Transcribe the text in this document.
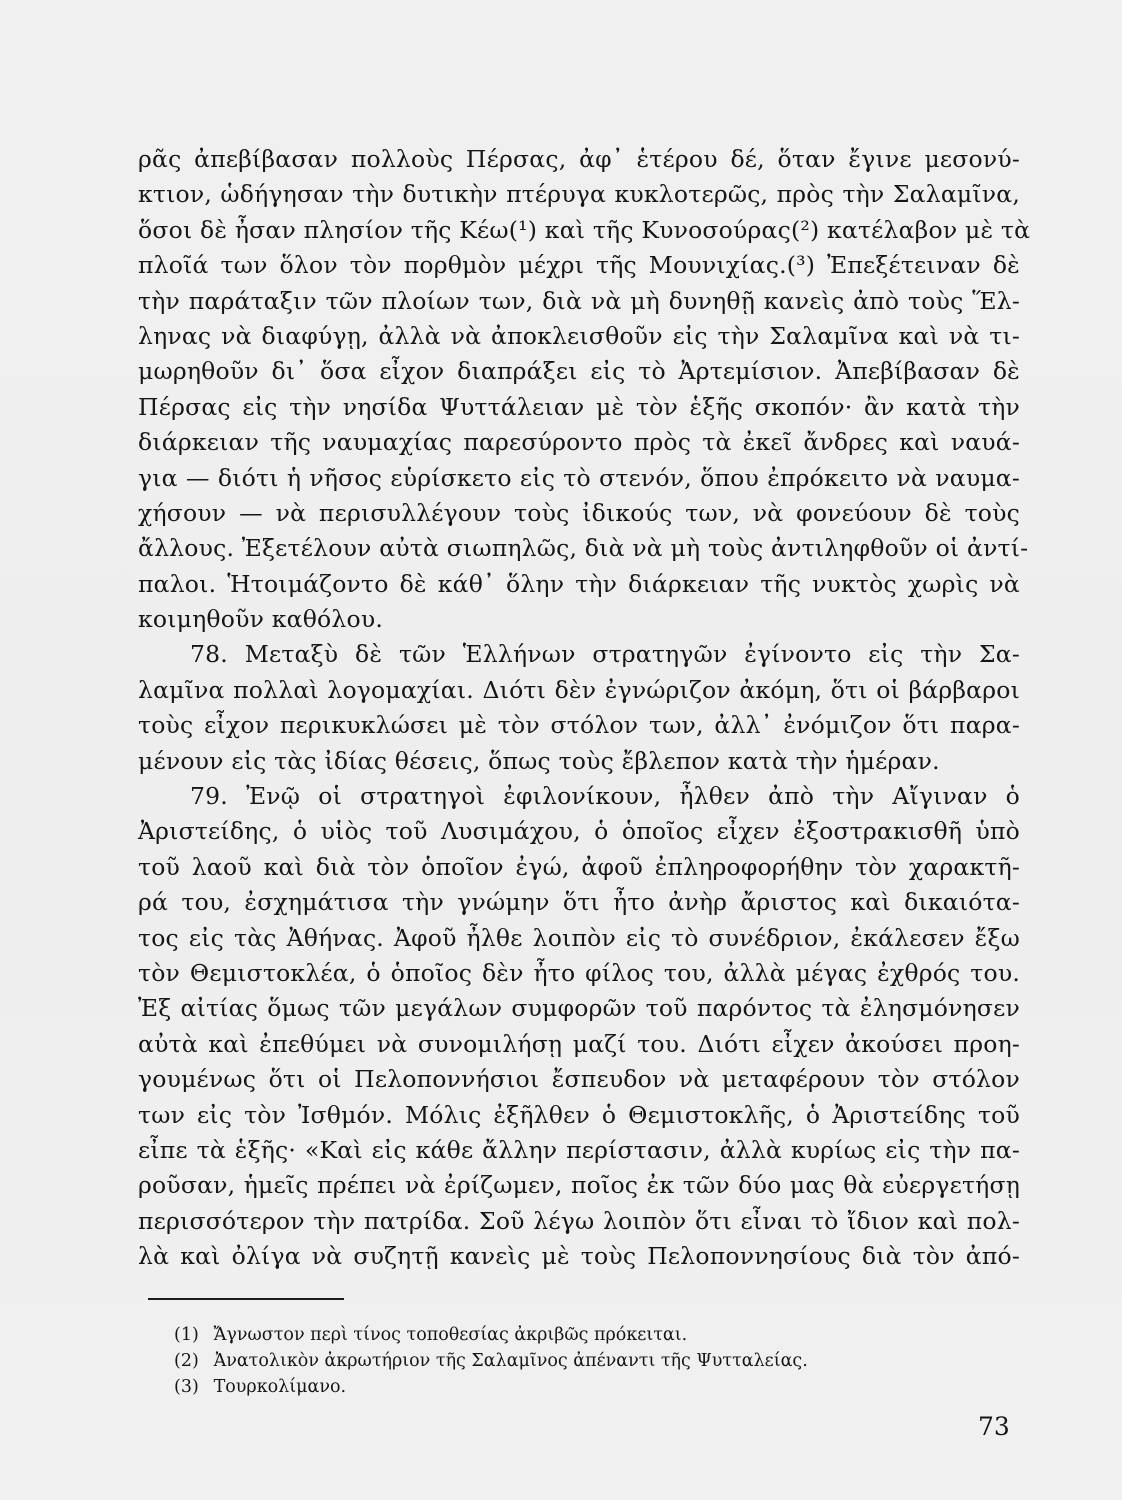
ρᾶς ἀπεβίβασαν πολλοὺς Πέρσας, ἀφ᾽ ἑτέρου δέ, ὅταν ἔγινε μεσονύ-
κτιον, ὡδήγησαν τὴν δυτικὴν πτέρυγα κυκλοτερῶς, πρὸς τὴν Σαλαμῖνα,
ὅσοι δὲ ἦσαν πλησίον τῆς Κέω(¹) καὶ τῆς Κυνοσούρας(²) κατέλαβον μὲ τὰ
πλοῖά των ὅλον τὸν πορθμὸν μέχρι τῆς Μουνιχίας.(³) Ἐπεξέτειναν δὲ
τὴν παράταξιν τῶν πλοίων των, διὰ νὰ μὴ δυνηθῇ κανεὶς ἀπὸ τοὺς Ἕλ-
ληνας νὰ διαφύγῃ, ἀλλὰ νὰ ἀποκλεισθοῦν εἰς τὴν Σαλαμῖνα καὶ νὰ τι-
μωρηθοῦν δι᾽ ὅσα εἶχον διαπράξει εἰς τὸ Ἀρτεμίσιον. Ἀπεβίβασαν δὲ
Πέρσας εἰς τὴν νησίδα Ψυττάλειαν μὲ τὸν ἑξῆς σκοπόν· ἂν κατὰ τὴν
διάρκειαν τῆς ναυμαχίας παρεσύροντο πρὸς τὰ ἐκεῖ ἄνδρες καὶ ναυά-
για — διότι ἡ νῆσος εὑρίσκετο εἰς τὸ στενόν, ὅπου ἐπρόκειτο νὰ ναυμα-
χήσουν — νὰ περισυλλέγουν τοὺς ἰδικούς των, νὰ φονεύουν δὲ τοὺς
ἄλλους. Ἐξετέλουν αὐτὰ σιωπηλῶς, διὰ νὰ μὴ τοὺς ἀντιληφθοῦν οἱ ἀντί-
παλοι. Ἡτοιμάζοντο δὲ κάθ᾽ ὅλην τὴν διάρκειαν τῆς νυκτὸς χωρὶς νὰ
κοιμηθοῦν καθόλου.
78. Μεταξὺ δὲ τῶν Ἑλλήνων στρατηγῶν ἐγίνοντο εἰς τὴν Σα-
λαμῖνα πολλαὶ λογομαχίαι. Διότι δὲν ἐγνώριζον ἀκόμη, ὅτι οἱ βάρβαροι
τοὺς εἶχον περικυκλώσει μὲ τὸν στόλον των, ἀλλ᾽ ἐνόμιζον ὅτι παρα-
μένουν εἰς τὰς ἰδίας θέσεις, ὅπως τοὺς ἔβλεπον κατὰ τὴν ἡμέραν.
79. Ἐνῷ οἱ στρατηγοὶ ἐφιλονίκουν, ἦλθεν ἀπὸ τὴν Αἴγιναν ὁ
Ἀριστείδης, ὁ υἱὸς τοῦ Λυσιμάχου, ὁ ὁποῖος εἶχεν ἐξοστρακισθῆ ὑπὸ
τοῦ λαοῦ καὶ διὰ τὸν ὁποῖον ἐγώ, ἀφοῦ ἐπληροφορήθην τὸν χαρακτῆ-
ρά του, ἐσχημάτισα τὴν γνώμην ὅτι ἦτο ἀνὴρ ἄριστος καὶ δικαιότα-
τος εἰς τὰς Ἀθήνας. Ἀφοῦ ἦλθε λοιπὸν εἰς τὸ συνέδριον, ἐκάλεσεν ἔξω
τὸν Θεμιστοκλέα, ὁ ὁποῖος δὲν ἦτο φίλος του, ἀλλὰ μέγας ἐχθρός του.
Ἐξ αἰτίας ὅμως τῶν μεγάλων συμφορῶν τοῦ παρόντος τὰ ἐλησμόνησεν
αὐτὰ καὶ ἐπεθύμει νὰ συνομιλήσῃ μαζί του. Διότι εἶχεν ἀκούσει προη-
γουμένως ὅτι οἱ Πελοποννήσιοι ἔσπευδον νὰ μεταφέρουν τὸν στόλον
των εἰς τὸν Ἰσθμόν. Μόλις ἐξῆλθεν ὁ Θεμιστοκλῆς, ὁ Ἀριστείδης τοῦ
εἶπε τὰ ἑξῆς· «Καὶ εἰς κάθε ἄλλην περίστασιν, ἀλλὰ κυρίως εἰς τὴν πα-
ροῦσαν, ἡμεῖς πρέπει νὰ ἐρίζωμεν, ποῖος ἐκ τῶν δύο μας θὰ εὐεργετήσῃ
περισσότερον τὴν πατρίδα. Σοῦ λέγω λοιπὸν ὅτι εἶναι τὸ ἴδιον καὶ πολ-
λὰ καὶ ὀλίγα νὰ συζητῇ κανεὶς μὲ τοὺς Πελοποννησίους διὰ τὸν ἀπό-
(1) Ἄγνωστον περὶ τίνος τοποθεσίας ἀκριβῶς πρόκειται.
(2) Ἀνατολικὸν ἀκρωτήριον τῆς Σαλαμῖνος ἀπέναντι τῆς Ψυτταλείας.
(3) Τουρκολίμανο.
73
